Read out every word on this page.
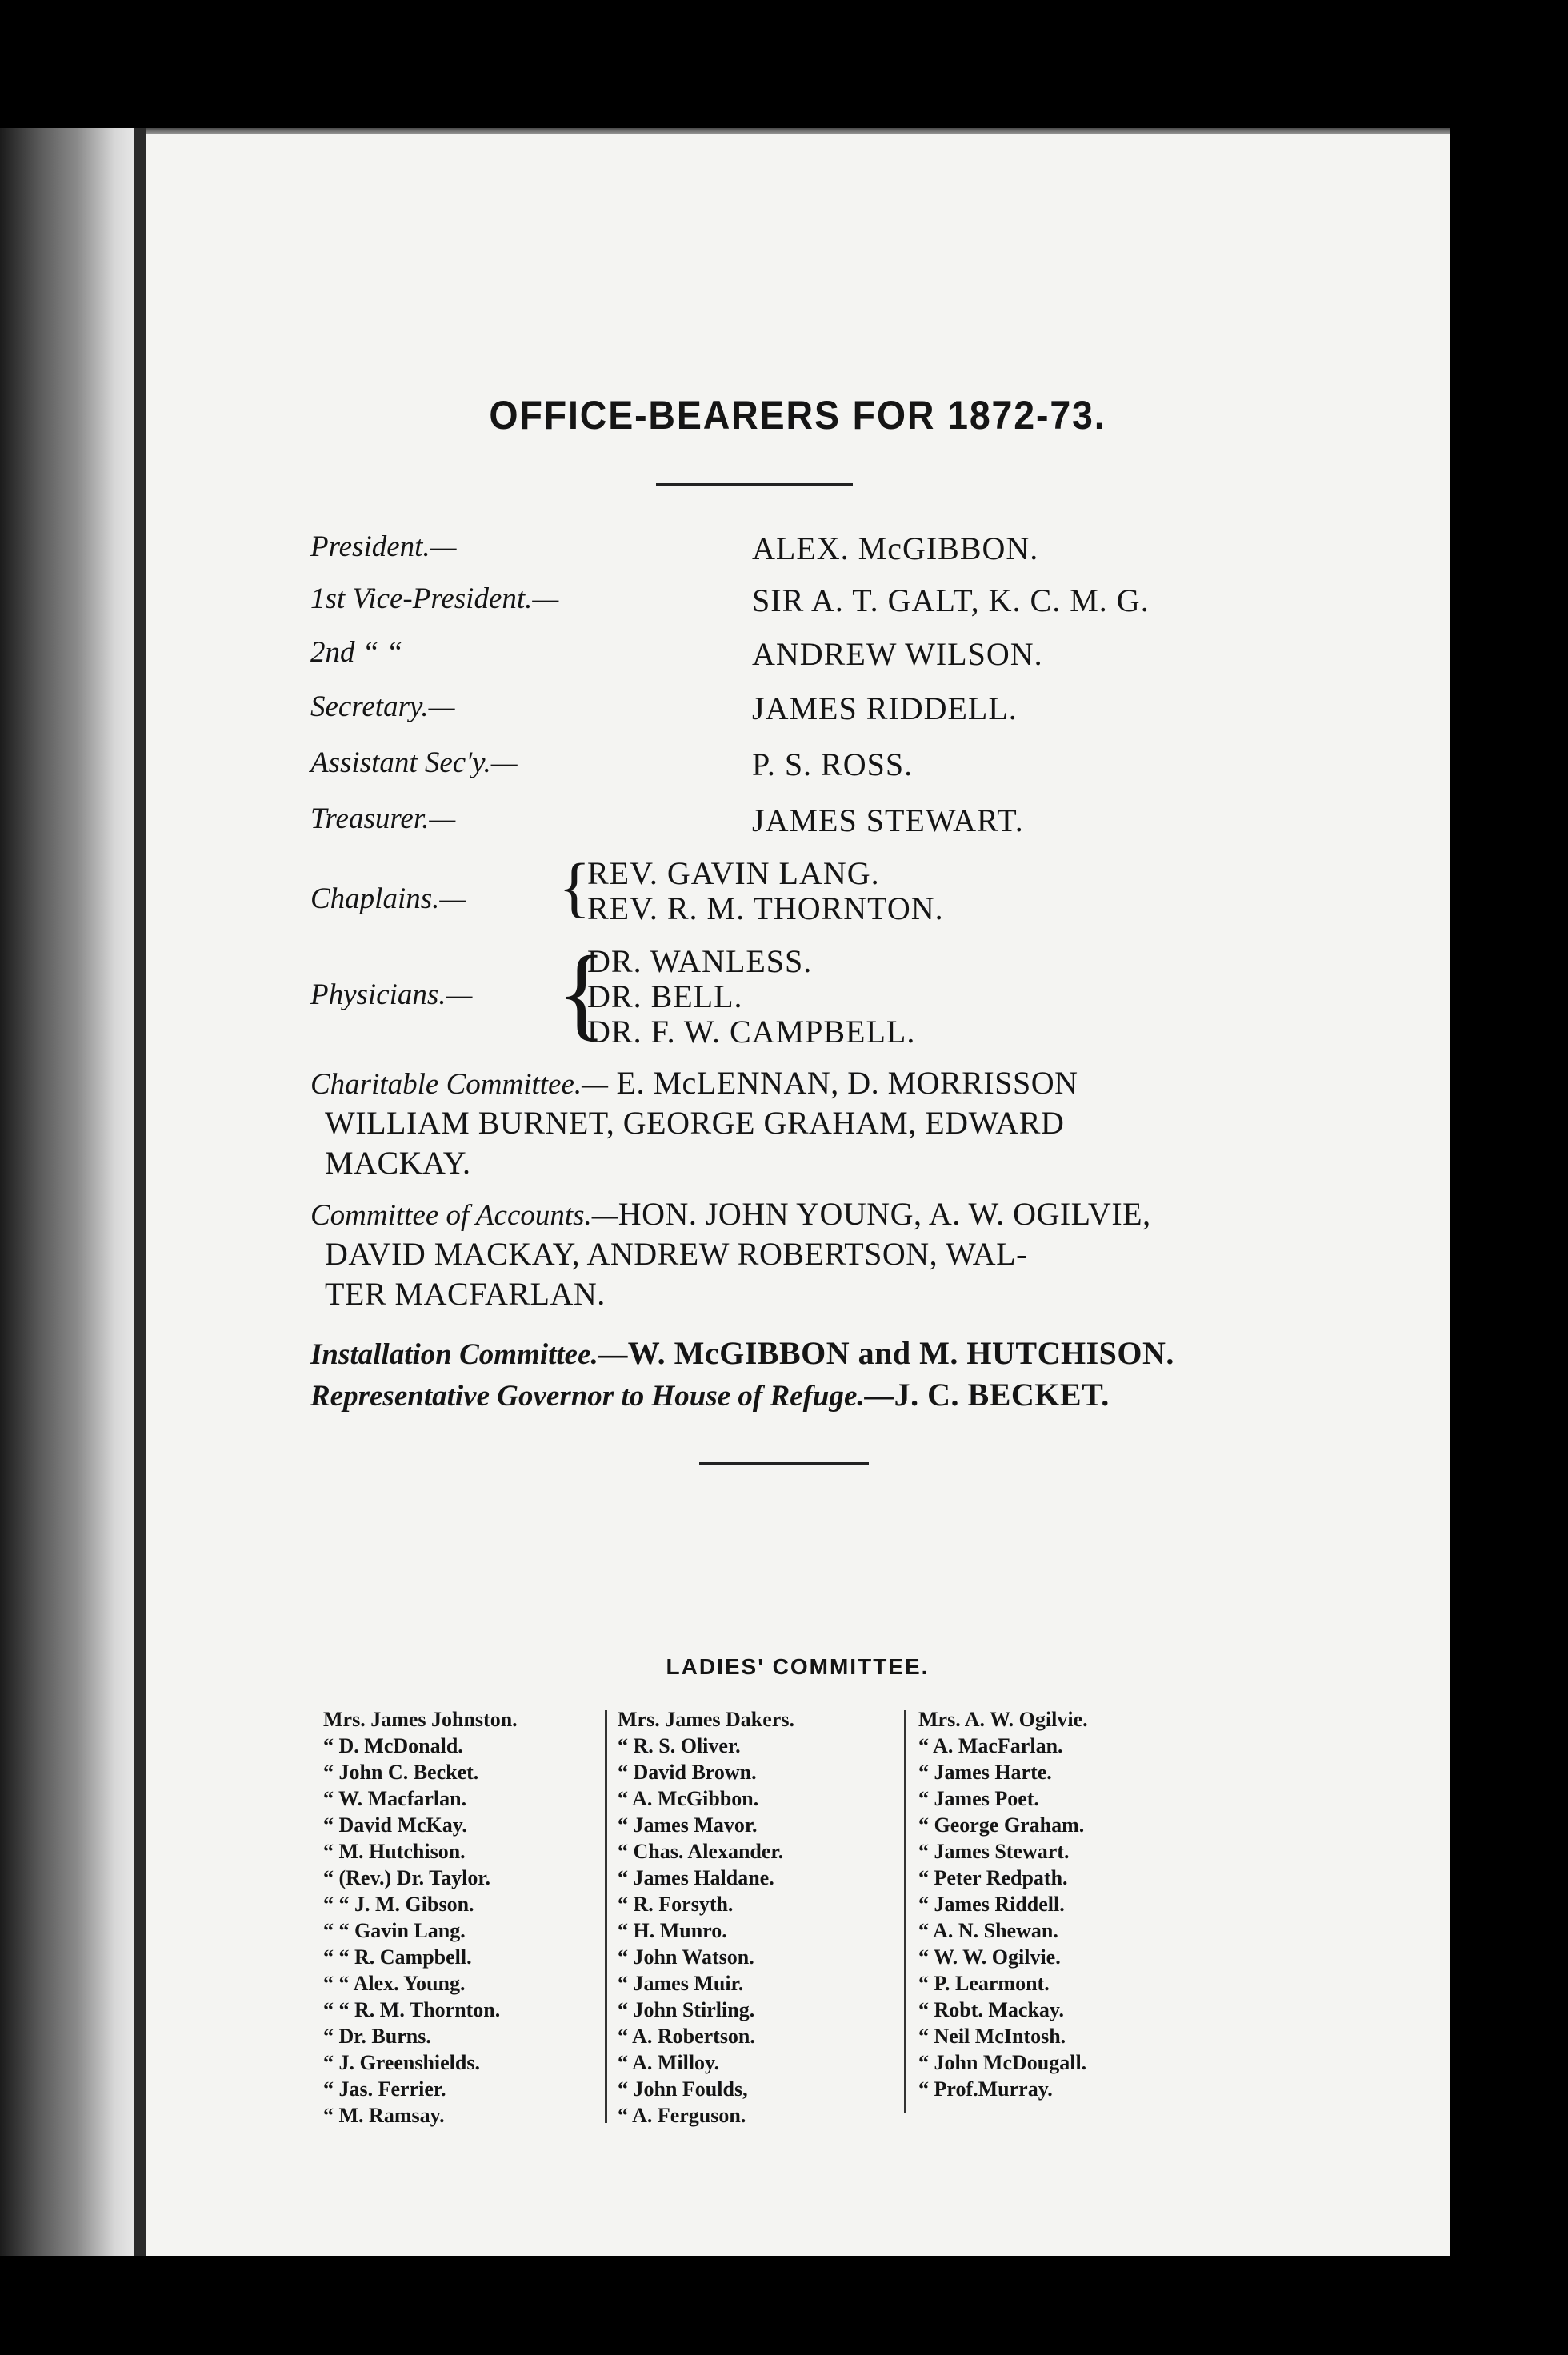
OFFICE-BEARERS FOR 1872-73.
President.—	ALEX. McGIBBON.
1st Vice-President.—	SIR A. T. GALT, K. C. M. G.
2nd “ “	ANDREW WILSON.
Secretary.—	JAMES RIDDELL.
Assistant Sec'y.—	P. S. ROSS.
Treasurer.—	JAMES STEWART.
Chaplains.— {
REV. GAVIN LANG.
REV. R. M. THORNTON.
Physicians.— {
DR. WANLESS.
DR. BELL.
DR. F. W. CAMPBELL.
Charitable Committee.— E. McLENNAN, D. MORRISSON
WILLIAM BURNET, GEORGE GRAHAM, EDWARD
MACKAY.
Committee of Accounts.—HON. JOHN YOUNG, A. W. OGILVIE,
DAVID MACKAY, ANDREW ROBERTSON, WAL-
TER MACFARLAN.
Installation Committee.—W. McGIBBON and M. HUTCHISON.
Representative Governor to House of Refuge.—J. C. BECKET.
LADIES' COMMITTEE.
Mrs. James Johnston.
“ D. McDonald.
“ John C. Becket.
“ W. Macfarlan.
“ David McKay.
“ M. Hutchison.
“ (Rev.) Dr. Taylor.
“ “ J. M. Gibson.
“ “ Gavin Lang.
“ “ R. Campbell.
“ “ Alex. Young.
“ “ R. M. Thornton.
“ Dr. Burns.
“ J. Greenshields.
“ Jas. Ferrier.
“ M. Ramsay.
Mrs. James Dakers.
“ R. S. Oliver.
“ David Brown.
“ A. McGibbon.
“ James Mavor.
“ Chas. Alexander.
“ James Haldane.
“ R. Forsyth.
“ H. Munro.
“ John Watson.
“ James Muir.
“ John Stirling.
“ A. Robertson.
“ A. Milloy.
“ John Foulds,
“ A. Ferguson.
Mrs. A. W. Ogilvie.
“ A. MacFarlan.
“ James Harte.
“ James Poet.
“ George Graham.
“ James Stewart.
“ Peter Redpath.
“ James Riddell.
“ A. N. Shewan.
“ W. W. Ogilvie.
“ P. Learmont.
“ Robt. Mackay.
“ Neil McIntosh.
“ John McDougall.
“ Prof.Murray.
